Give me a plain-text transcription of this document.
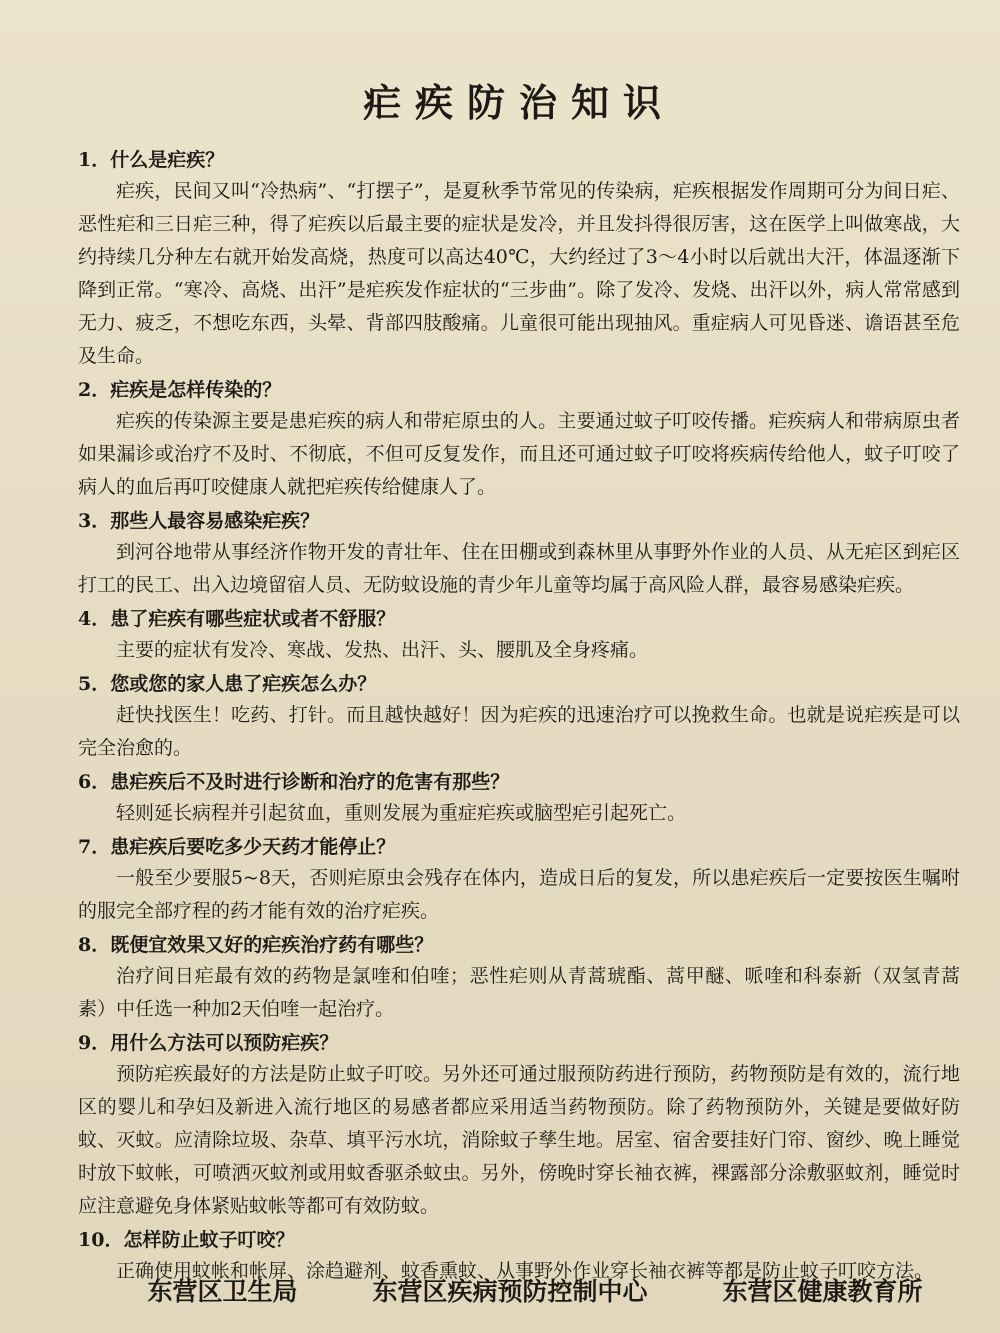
疟疾防治知识
1．什么是疟疾？
疟疾，民间又叫“冷热病”、“打摆子”，是夏秋季节常见的传染病，疟疾根据发作周期可分为间日疟、恶性疟和三日疟三种，得了疟疾以后最主要的症状是发冷，并且发抖得很厉害，这在医学上叫做寒战，大约持续几分种左右就开始发高烧，热度可以高达40℃，大约经过了3～4小时以后就出大汗，体温逐渐下降到正常。“寒冷、高烧、出汗”是疟疾发作症状的“三步曲”。除了发冷、发烧、出汗以外，病人常常感到无力、疲乏，不想吃东西，头晕、背部四肢酸痛。儿童很可能出现抽风。重症病人可见昏迷、谵语甚至危及生命。
2．疟疾是怎样传染的？
疟疾的传染源主要是患疟疾的病人和带疟原虫的人。主要通过蚊子叮咬传播。疟疾病人和带病原虫者如果漏诊或治疗不及时、不彻底，不但可反复发作，而且还可通过蚊子叮咬将疾病传给他人，蚊子叮咬了病人的血后再叮咬健康人就把疟疾传给健康人了。
3．那些人最容易感染疟疾？
到河谷地带从事经济作物开发的青壮年、住在田棚或到森林里从事野外作业的人员、从无疟区到疟区打工的民工、出入边境留宿人员、无防蚊设施的青少年儿童等均属于高风险人群，最容易感染疟疾。
4．患了疟疾有哪些症状或者不舒服？
主要的症状有发冷、寒战、发热、出汗、头、腰肌及全身疼痛。
5．您或您的家人患了疟疾怎么办？
赶快找医生！吃药、打针。而且越快越好！因为疟疾的迅速治疗可以挽救生命。也就是说疟疾是可以完全治愈的。
6．患疟疾后不及时进行诊断和治疗的危害有那些？
轻则延长病程并引起贫血，重则发展为重症疟疾或脑型疟引起死亡。
7．患疟疾后要吃多少天药才能停止？
一般至少要服5~8天，否则疟原虫会残存在体内，造成日后的复发，所以患疟疾后一定要按医生嘱咐的服完全部疗程的药才能有效的治疗疟疾。
8．既便宜效果又好的疟疾治疗药有哪些？
治疗间日疟最有效的药物是氯喹和伯喹；恶性疟则从青蒿琥酯、蒿甲醚、哌喹和科泰新（双氢青蒿素）中任选一种加2天伯喹一起治疗。
9．用什么方法可以预防疟疾？
预防疟疾最好的方法是防止蚊子叮咬。另外还可通过服预防药进行预防，药物预防是有效的，流行地区的婴儿和孕妇及新进入流行地区的易感者都应采用适当药物预防。除了药物预防外，关键是要做好防蚊、灭蚊。应清除垃圾、杂草、填平污水坑，消除蚊子孳生地。居室、宿舍要挂好门帘、窗纱、晚上睡觉时放下蚊帐，可喷洒灭蚊剂或用蚊香驱杀蚊虫。另外，傍晚时穿长袖衣裤，裸露部分涂敷驱蚊剂，睡觉时应注意避免身体紧贴蚊帐等都可有效防蚊。
10．怎样防止蚊子叮咬？
正确使用蚊帐和帐屏、涂趋避剂、蚊香熏蚊、从事野外作业穿长袖衣裤等都是防止蚊子叮咬方法。
东营区卫生局	东营区疾病预防控制中心	东营区健康教育所
